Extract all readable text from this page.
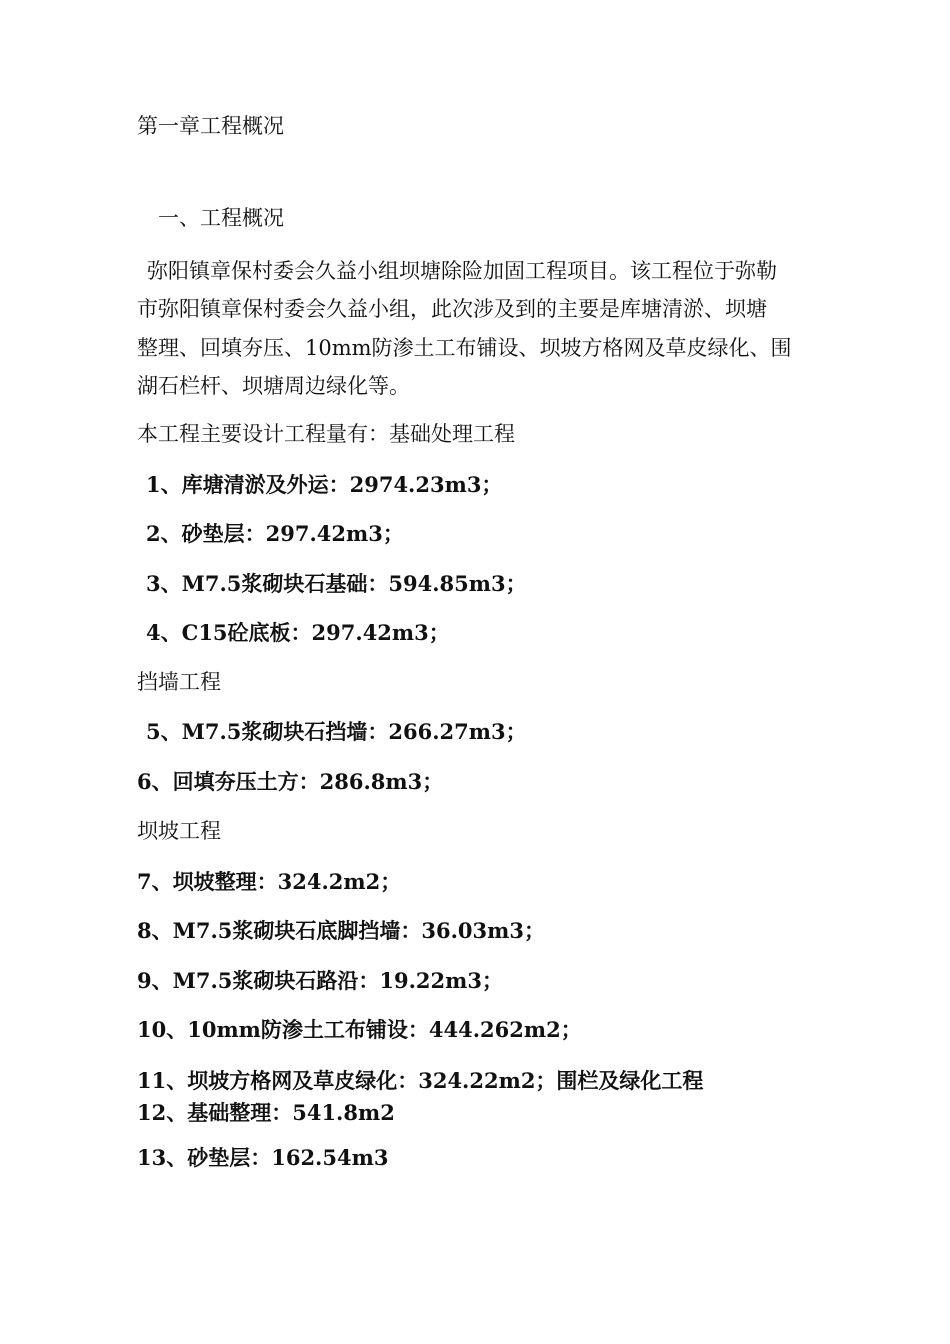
第一章工程概况

一、工程概况

弥阳镇章保村委会久益小组坝塘除险加固工程项目。该工程位于弥勒

市弥阳镇章保村委会久益小组，此次涉及到的主要是库塘清淤、坝塘

整理、回填夯压、10mm防渗土工布铺设、坝坡方格网及草皮绿化、围

湖石栏杆、坝塘周边绿化等。

本工程主要设计工程量有：基础处理工程

1、库塘清淤及外运：2974.23m3；

2、砂垫层：297.42m3；

3、M7.5浆砌块石基础：594.85m3；

4、C15砼底板：297.42m3；

挡墙工程

5、M7.5浆砌块石挡墙：266.27m3；

6、回填夯压土方：286.8m3；

坝坡工程

7、坝坡整理：324.2m2；

8、M7.5浆砌块石底脚挡墙：36.03m3；

9、M7.5浆砌块石路沿：19.22m3；

10、10mm防渗土工布铺设：444.262m2；

11、坝坡方格网及草皮绿化：324.22m2；围栏及绿化工程

12、基础整理：541.8m2

13、砂垫层：162.54m3
